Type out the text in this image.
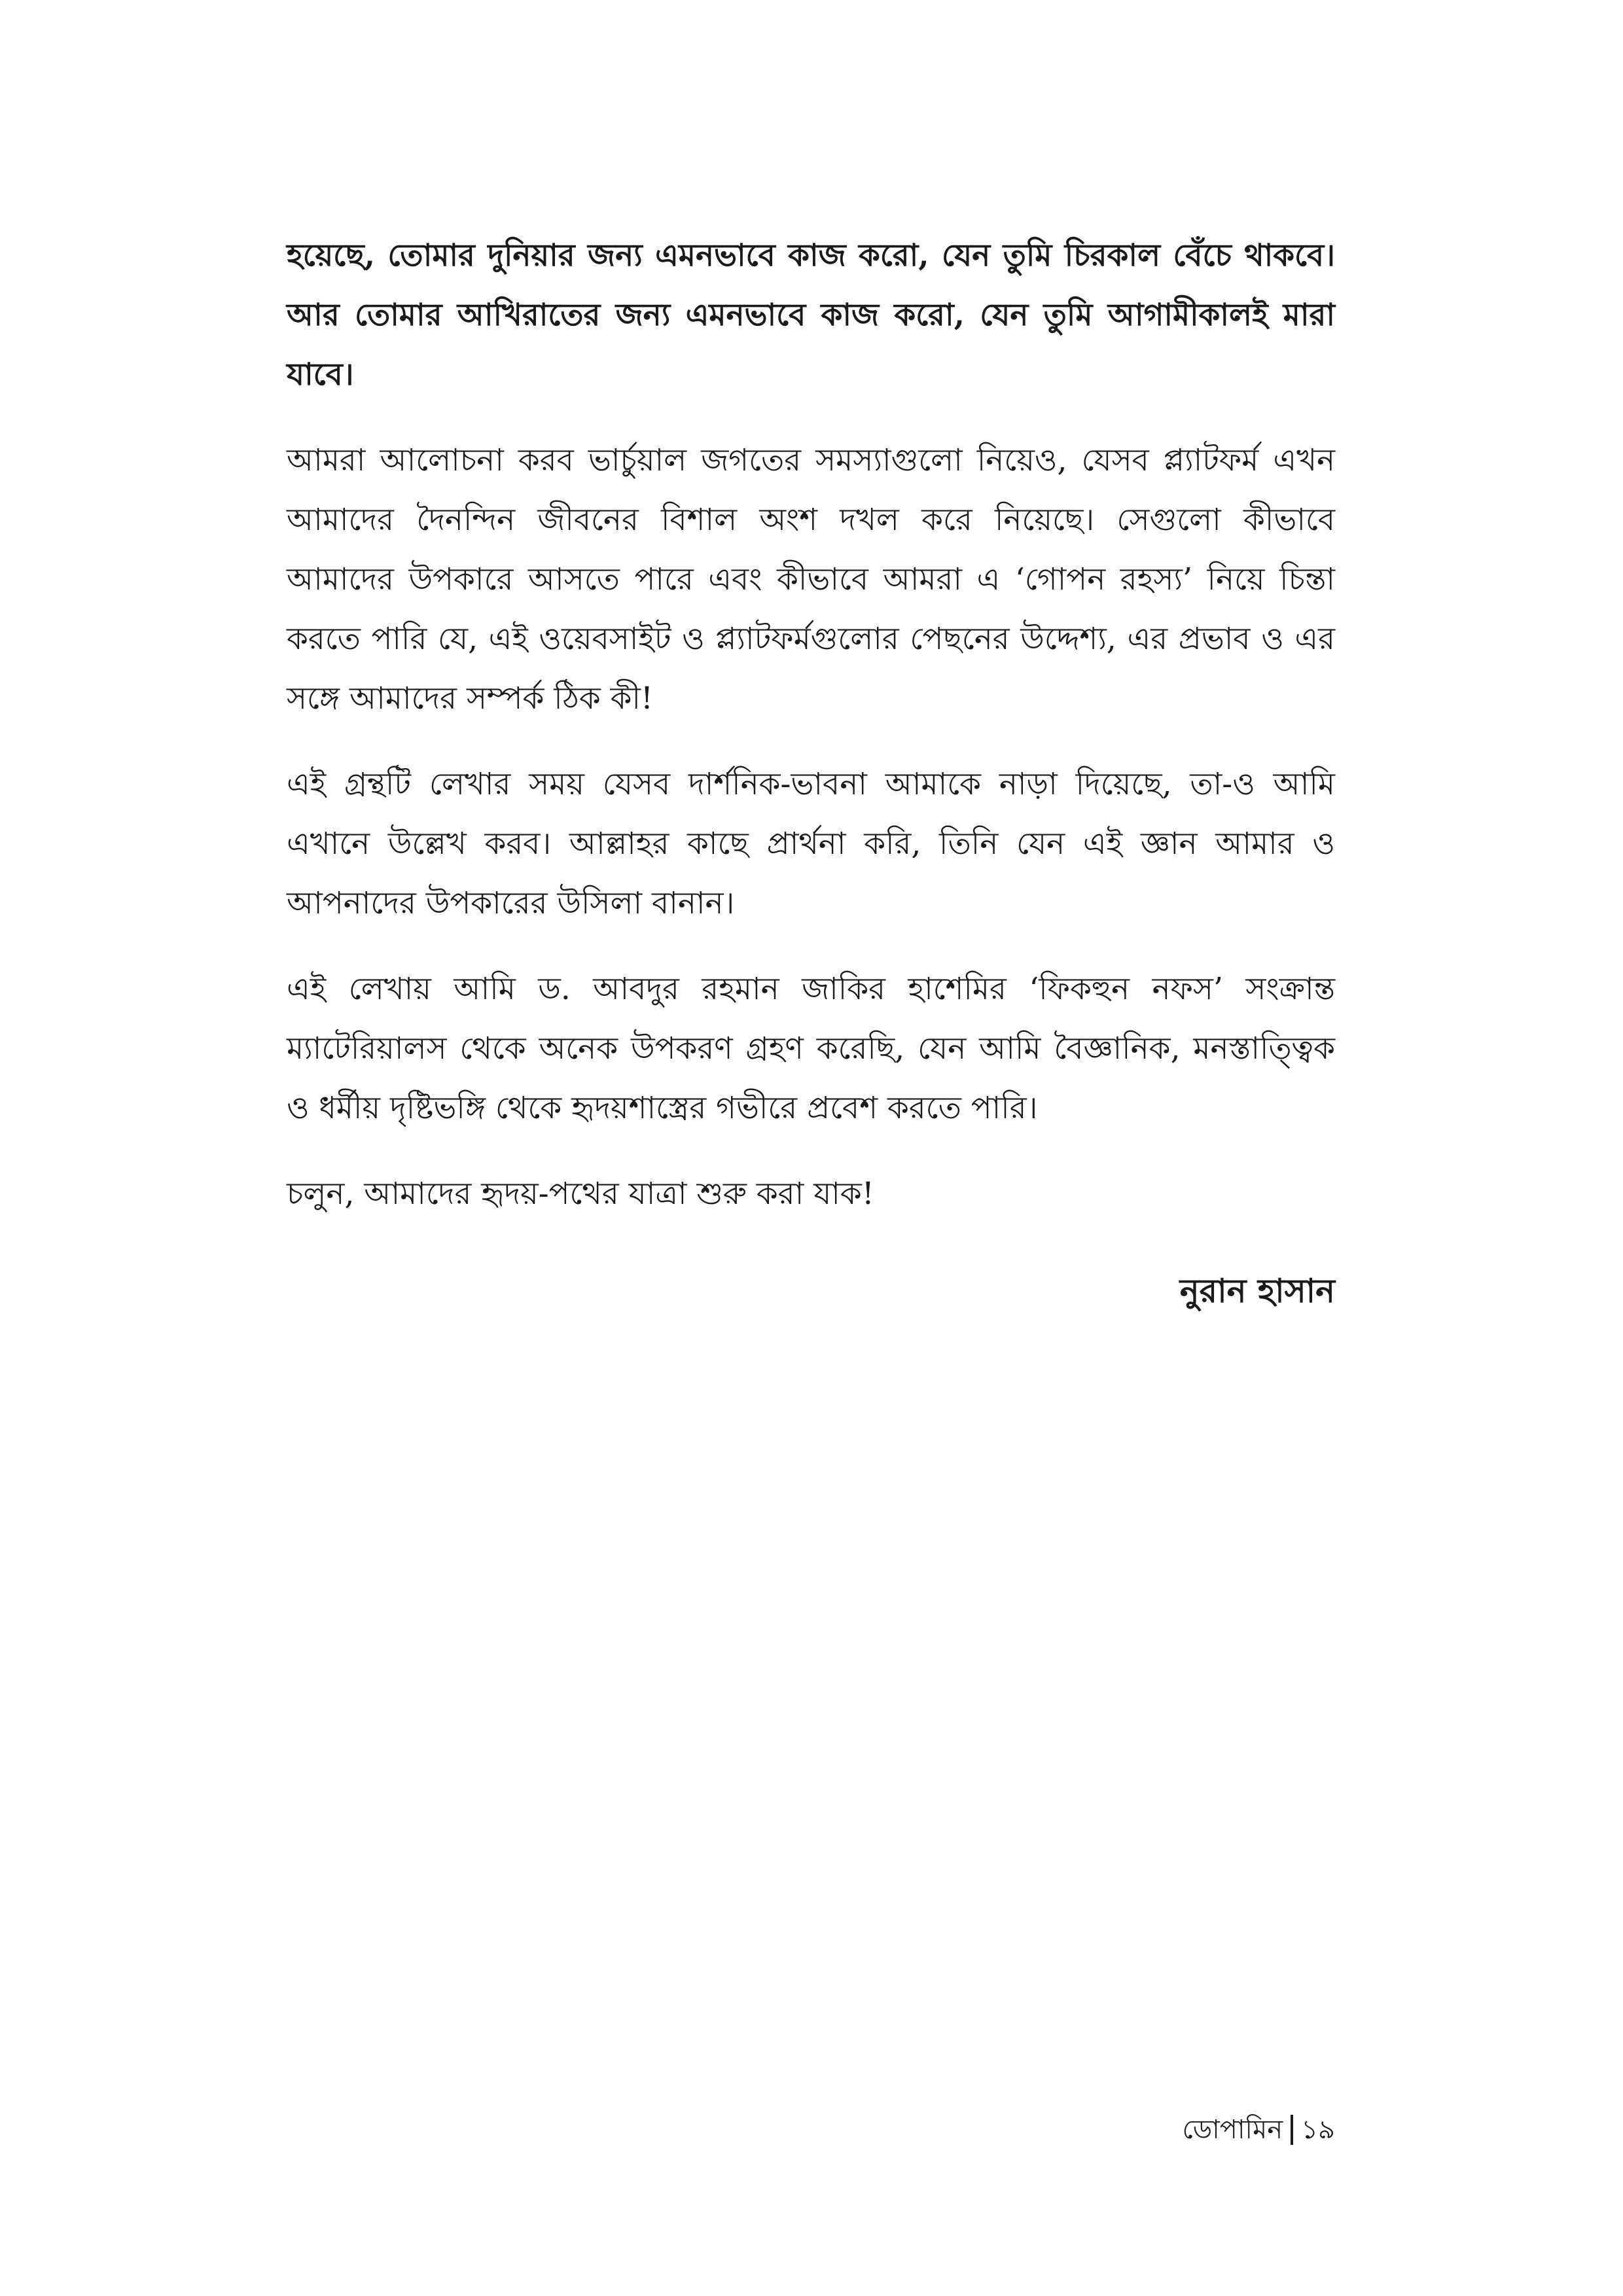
হয়েছে, তোমার দুনিয়ার জন্য এমনভাবে কাজ করো, যেন তুমি চিরকাল বেঁচে থাকবে। আর তোমার আখিরাতের জন্য এমনভাবে কাজ করো, যেন তুমি আগামীকালই মারা যাবে।

আমরা আলোচনা করব ভার্চুয়াল জগতের সমস্যাগুলো নিয়েও, যেসব প্ল্যাটফর্ম এখন আমাদের দৈনন্দিন জীবনের বিশাল অংশ দখল করে নিয়েছে। সেগুলো কীভাবে আমাদের উপকারে আসতে পারে এবং কীভাবে আমরা এ ‘গোপন রহস্য’ নিয়ে চিন্তা করতে পারি যে, এই ওয়েবসাইট ও প্ল্যাটফর্মগুলোর পেছনের উদ্দেশ্য, এর প্রভাব ও এর সঙ্গে আমাদের সম্পর্ক ঠিক কী!

এই গ্রন্থটি লেখার সময় যেসব দার্শনিক-ভাবনা আমাকে নাড়া দিয়েছে, তা-ও আমি এখানে উল্লেখ করব। আল্লাহর কাছে প্রার্থনা করি, তিনি যেন এই জ্ঞান আমার ও আপনাদের উপকারের উসিলা বানান।

এই লেখায় আমি ড. আবদুর রহমান জাকির হাশেমির ‘ফিকহুন নফস’ সংক্রান্ত ম্যাটেরিয়ালস থেকে অনেক উপকরণ গ্রহণ করেছি, যেন আমি বৈজ্ঞানিক, মনস্তাত্ত্বিক ও ধর্মীয় দৃষ্টিভঙ্গি থেকে হৃদয়শাস্ত্রের গভীরে প্রবেশ করতে পারি।

চলুন, আমাদের হৃদয়-পথের যাত্রা শুরু করা যাক!

নুরান হাসান
ডোপামিন ১৯
